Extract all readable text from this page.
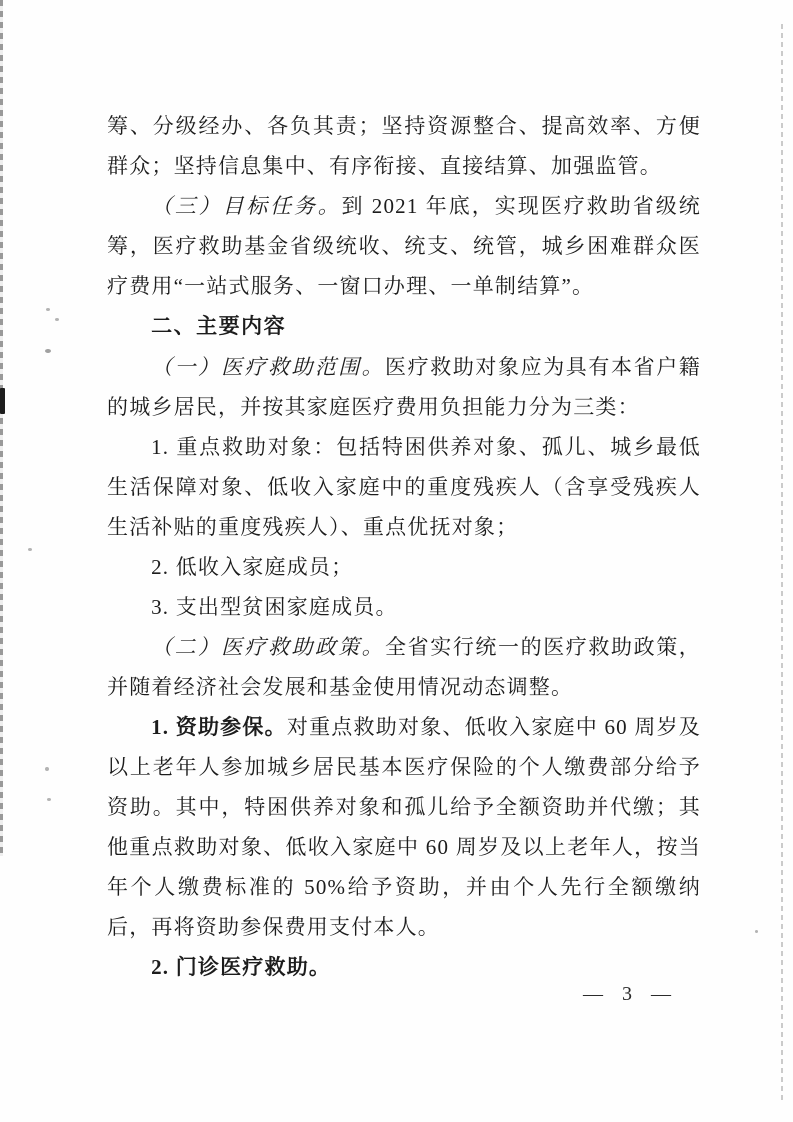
筹、分级经办、各负其责；坚持资源整合、提高效率、方便群众；坚持信息集中、有序衔接、直接结算、加强监管。

（三）目标任务。到 2021 年底，实现医疗救助省级统筹，医疗救助基金省级统收、统支、统管，城乡困难群众医疗费用“一站式服务、一窗口办理、一单制结算”。

二、主要内容

（一）医疗救助范围。医疗救助对象应为具有本省户籍的城乡居民，并按其家庭医疗费用负担能力分为三类：

1. 重点救助对象：包括特困供养对象、孤儿、城乡最低生活保障对象、低收入家庭中的重度残疾人（含享受残疾人生活补贴的重度残疾人）、重点优抚对象；

2. 低收入家庭成员；

3. 支出型贫困家庭成员。

（二）医疗救助政策。全省实行统一的医疗救助政策，并随着经济社会发展和基金使用情况动态调整。

1. 资助参保。对重点救助对象、低收入家庭中 60 周岁及以上老年人参加城乡居民基本医疗保险的个人缴费部分给予资助。其中，特困供养对象和孤儿给予全额资助并代缴；其他重点救助对象、低收入家庭中 60 周岁及以上老年人，按当年个人缴费标准的 50%给予资助，并由个人先行全额缴纳后，再将资助参保费用支付本人。

2. 门诊医疗救助。

— 3 —
